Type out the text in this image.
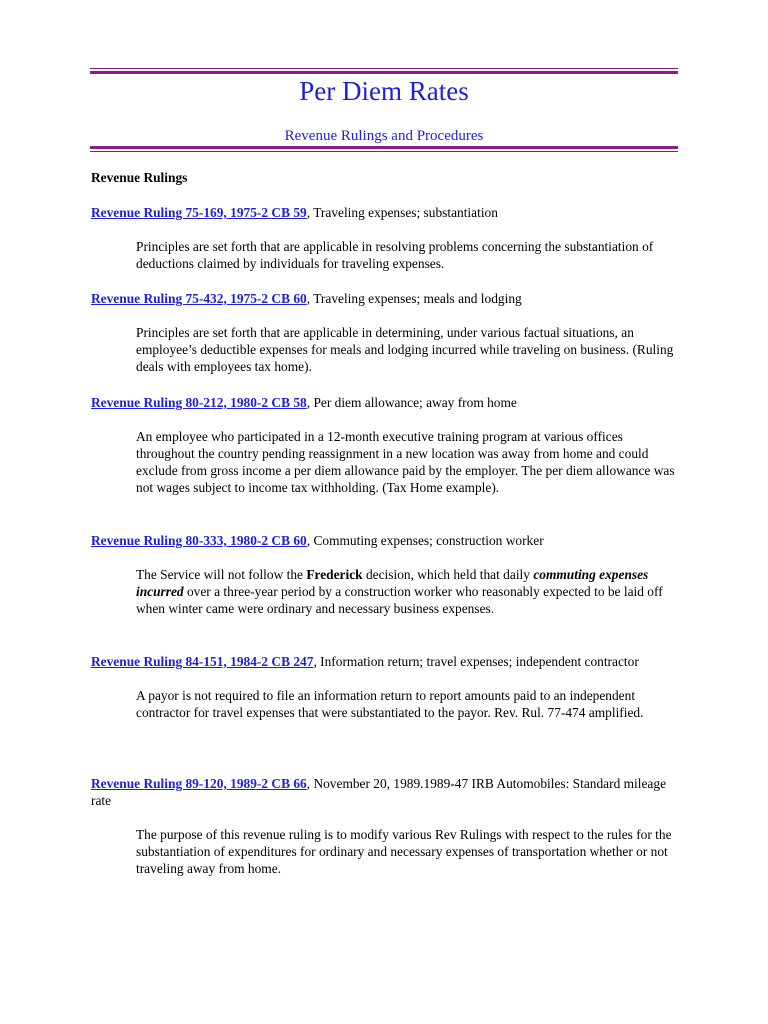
Per Diem Rates
Revenue Rulings and Procedures
Revenue Rulings

Revenue Ruling 75-169, 1975-2 CB 59, Traveling expenses; substantiation

Principles are set forth that are applicable in resolving problems concerning the substantiation of deductions claimed by individuals for traveling expenses.

Revenue Ruling 75-432, 1975-2 CB 60, Traveling expenses; meals and lodging

Principles are set forth that are applicable in determining, under various factual situations, an employee’s deductible expenses for meals and lodging incurred while traveling on business. (Ruling deals with employees tax home).

Revenue Ruling 80-212, 1980-2 CB 58, Per diem allowance; away from home

An employee who participated in a 12-month executive training program at various offices throughout the country pending reassignment in a new location was away from home and could exclude from gross income a per diem allowance paid by the employer. The per diem allowance was not wages subject to income tax withholding. (Tax Home example).

Revenue Ruling 80-333, 1980-2 CB 60, Commuting expenses; construction worker

The Service will not follow the Frederick decision, which held that daily commuting expenses incurred over a three-year period by a construction worker who reasonably expected to be laid off when winter came were ordinary and necessary business expenses.

Revenue Ruling 84-151, 1984-2 CB 247, Information return; travel expenses; independent contractor

A payor is not required to file an information return to report amounts paid to an independent contractor for travel expenses that were substantiated to the payor. Rev. Rul. 77-474 amplified.

Revenue Ruling 89-120, 1989-2 CB 66, November 20, 1989.1989-47 IRB Automobiles: Standard mileage rate

The purpose of this revenue ruling is to modify various Rev Rulings with respect to the rules for the substantiation of expenditures for ordinary and necessary expenses of transportation whether or not traveling away from home.
